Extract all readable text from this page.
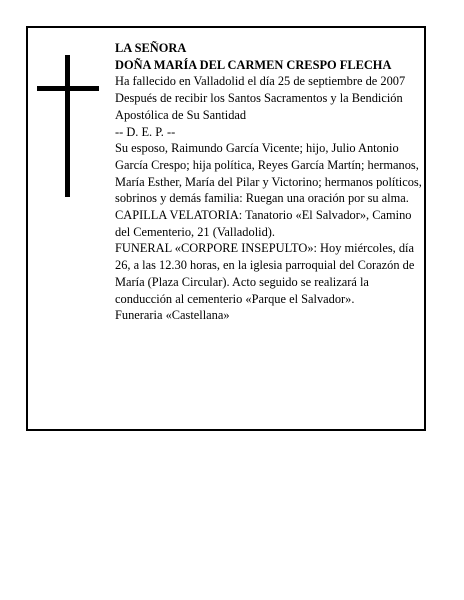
LA SEÑORA

DOÑA MARÍA DEL CARMEN CRESPO FLECHA

Ha fallecido en Valladolid el día 25 de septiembre de 2007

Después de recibir los Santos Sacramentos y la Bendición Apostólica de Su Santidad

-- D. E. P. --

Su esposo, Raimundo García Vicente; hijo, Julio Antonio García Crespo; hija política, Reyes García Martín; hermanos, María Esther, María del Pilar y Victorino; hermanos políticos, sobrinos y demás familia: Ruegan una oración por su alma.

CAPILLA VELATORIA: Tanatorio «El Salvador», Camino del Cementerio, 21 (Valladolid).

FUNERAL «CORPORE INSEPULTO»: Hoy miércoles, día 26, a las 12.30 horas, en la iglesia parroquial del Corazón de María (Plaza Circular). Acto seguido se realizará la conducción al cementerio «Parque el Salvador».

Funeraria «Castellana»
